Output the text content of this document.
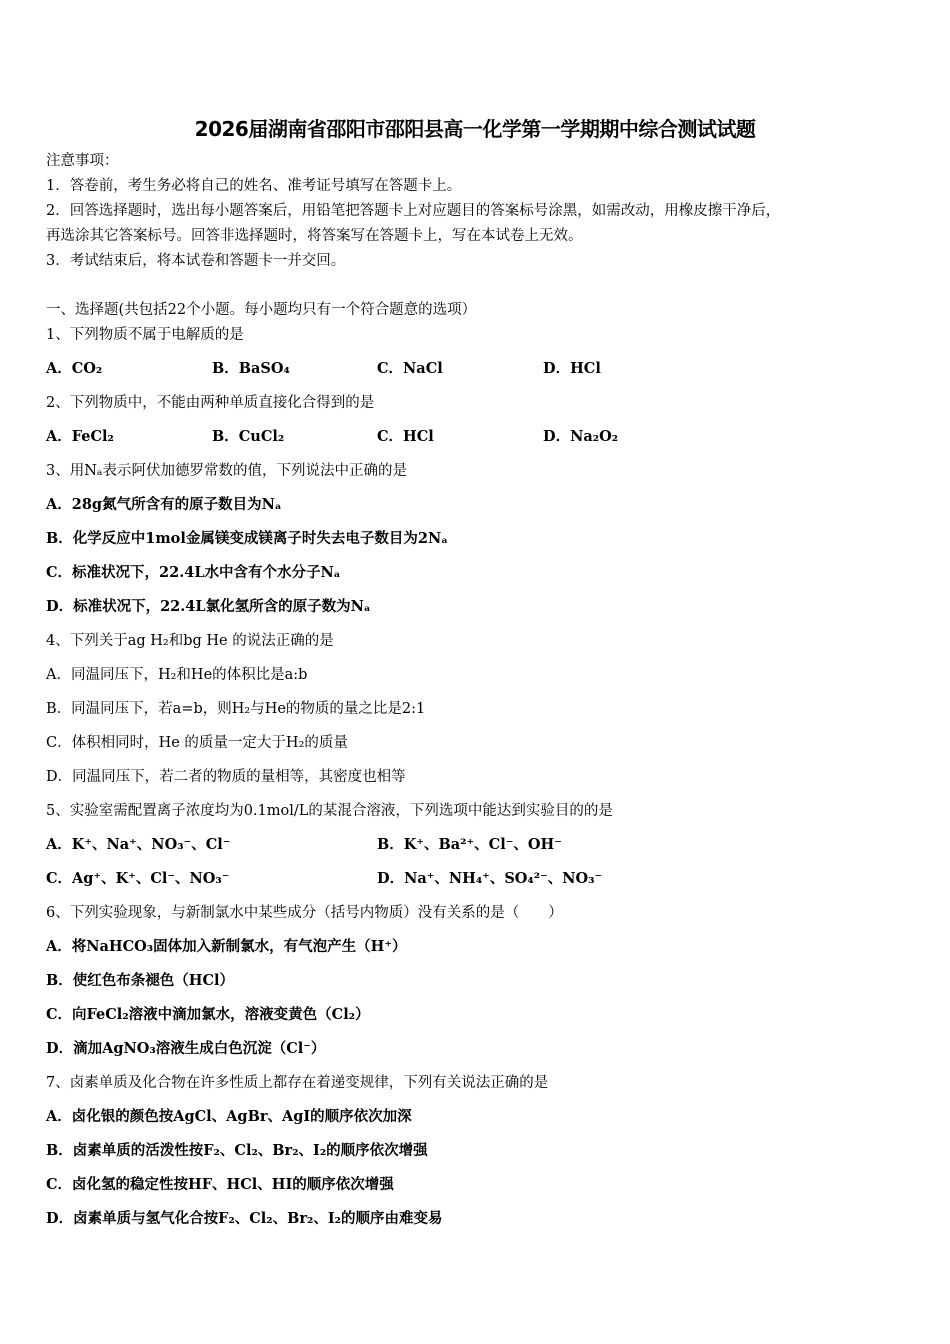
2026届湖南省邵阳市邵阳县高一化学第一学期期中综合测试试题
注意事项：
1．答卷前，考生务必将自己的姓名、准考证号填写在答题卡上。
2．回答选择题时，选出每小题答案后，用铅笔把答题卡上对应题目的答案标号涂黑，如需改动，用橡皮擦干净后，
再选涂其它答案标号。回答非选择题时，将答案写在答题卡上，写在本试卷上无效。
3．考试结束后，将本试卷和答题卡一并交回。
一、选择题(共包括22个小题。每小题均只有一个符合题意的选项）
1、下列物质不属于电解质的是
A．CO₂	B．BaSO₄	C．NaCl	D．HCl
2、下列物质中，不能由两种单质直接化合得到的是
A．FeCl₂	B．CuCl₂	C．HCl	D．Na₂O₂
3、用Nₐ表示阿伏加德罗常数的值，下列说法中正确的是
A．28g氮气所含有的原子数目为Nₐ
B．化学反应中1mol金属镁变成镁离子时失去电子数目为2Nₐ
C．标准状况下，22.4L水中含有个水分子Nₐ
D．标准状况下，22.4L氯化氢所含的原子数为Nₐ
4、下列关于ag H₂和bg He 的说法正确的是
A．同温同压下，H₂和He的体积比是a:b
B．同温同压下，若a=b，则H₂与He的物质的量之比是2:1
C．体积相同时，He 的质量一定大于H₂的质量
D．同温同压下，若二者的物质的量相等，其密度也相等
5、实验室需配置离子浓度均为0.1mol/L的某混合溶液，下列选项中能达到实验目的的是
A．K⁺、Na⁺、NO₃⁻、Cl⁻	B．K⁺、Ba²⁺、Cl⁻、OH⁻
C．Ag⁺、K⁺、Cl⁻、NO₃⁻	D．Na⁺、NH₄⁺、SO₄²⁻、NO₃⁻
6、下列实验现象，与新制氯水中某些成分（括号内物质）没有关系的是（　　）
A．将NaHCO₃固体加入新制氯水，有气泡产生（H⁺）
B．使红色布条褪色（HCl）
C．向FeCl₂溶液中滴加氯水，溶液变黄色（Cl₂）
D．滴加AgNO₃溶液生成白色沉淀（Cl⁻）
7、卤素单质及化合物在许多性质上都存在着递变规律，下列有关说法正确的是
A．卤化银的颜色按AgCl、AgBr、AgI的顺序依次加深
B．卤素单质的活泼性按F₂、Cl₂、Br₂、I₂的顺序依次增强
C．卤化氢的稳定性按HF、HCl、HI的顺序依次增强
D．卤素单质与氢气化合按F₂、Cl₂、Br₂、I₂的顺序由难变易
